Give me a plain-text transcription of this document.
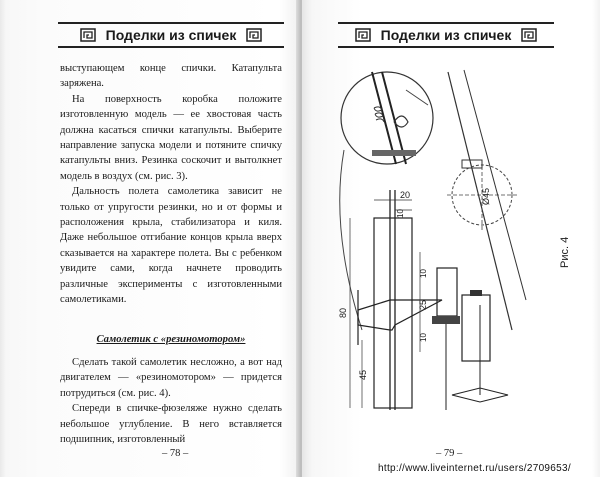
Поделки из спичек

выступающем конце спички. Катапульта заряжена.

На поверхность коробка положите изготовленную модель — ее хвостовая часть должна касаться спички катапульты. Выберите направление запуска модели и потяните спичку катапульты вниз. Резинка соскочит и вытолкнет модель в воздух (см. рис. 3).

Дальность полета самолетика зависит не только от упругости резинки, но и от формы и расположения крыла, стабилизатора и киля. Даже небольшое отгибание концов крыла вверх сказывается на характере полета. Вы с ребенком увидите сами, когда начнете проводить различные эксперименты с изготовленными самолетиками.

Самолетик с «резиномотором»

Сделать такой самолетик несложно, а вот над двигателем — «резиномотором» — придется потрудиться (см. рис. 4).

Спереди в спичке-фюзеляже нужно сделать небольшое углубление. В него вставляется подшипник, изготовленный

– 78 –
Поделки из спичек
Ø45
20
10
80
45
10
25
10
Рис. 4
– 79 –
http://www.liveinternet.ru/users/2709653/
